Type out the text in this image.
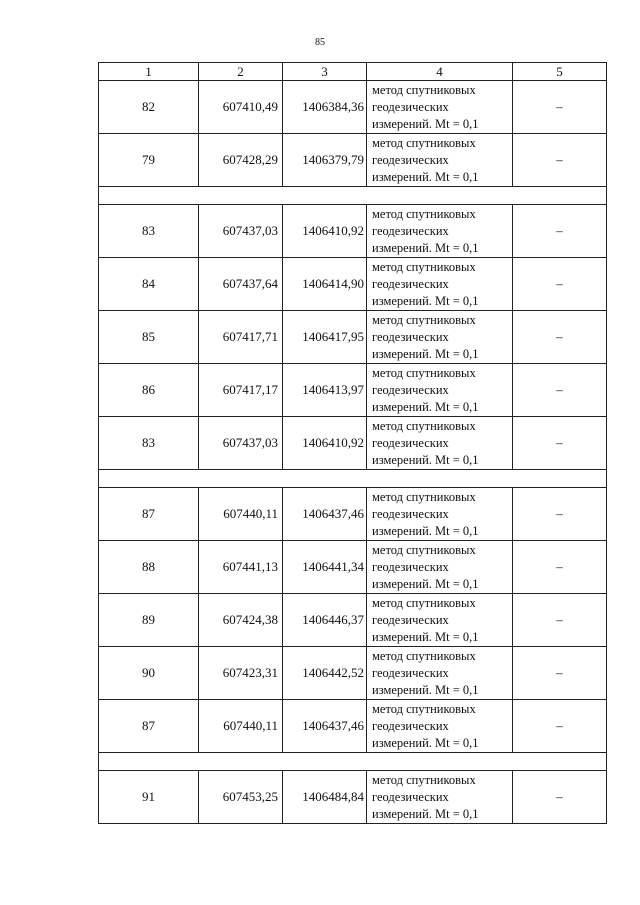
85
1	2	3	4	5
82	607410,49	1406384,36	метод спутниковых
геодезических
измерений. Mt = 0,1	–
79	607428,29	1406379,79	метод спутниковых
геодезических
измерений. Mt = 0,1	–

83	607437,03	1406410,92	метод спутниковых
геодезических
измерений. Mt = 0,1	–
84	607437,64	1406414,90	метод спутниковых
геодезических
измерений. Mt = 0,1	–
85	607417,71	1406417,95	метод спутниковых
геодезических
измерений. Mt = 0,1	–
86	607417,17	1406413,97	метод спутниковых
геодезических
измерений. Mt = 0,1	–
83	607437,03	1406410,92	метод спутниковых
геодезических
измерений. Mt = 0,1	–

87	607440,11	1406437,46	метод спутниковых
геодезических
измерений. Mt = 0,1	–
88	607441,13	1406441,34	метод спутниковых
геодезических
измерений. Mt = 0,1	–
89	607424,38	1406446,37	метод спутниковых
геодезических
измерений. Mt = 0,1	–
90	607423,31	1406442,52	метод спутниковых
геодезических
измерений. Mt = 0,1	–
87	607440,11	1406437,46	метод спутниковых
геодезических
измерений. Mt = 0,1	–

91	607453,25	1406484,84	метод спутниковых
геодезических
измерений. Mt = 0,1	–
